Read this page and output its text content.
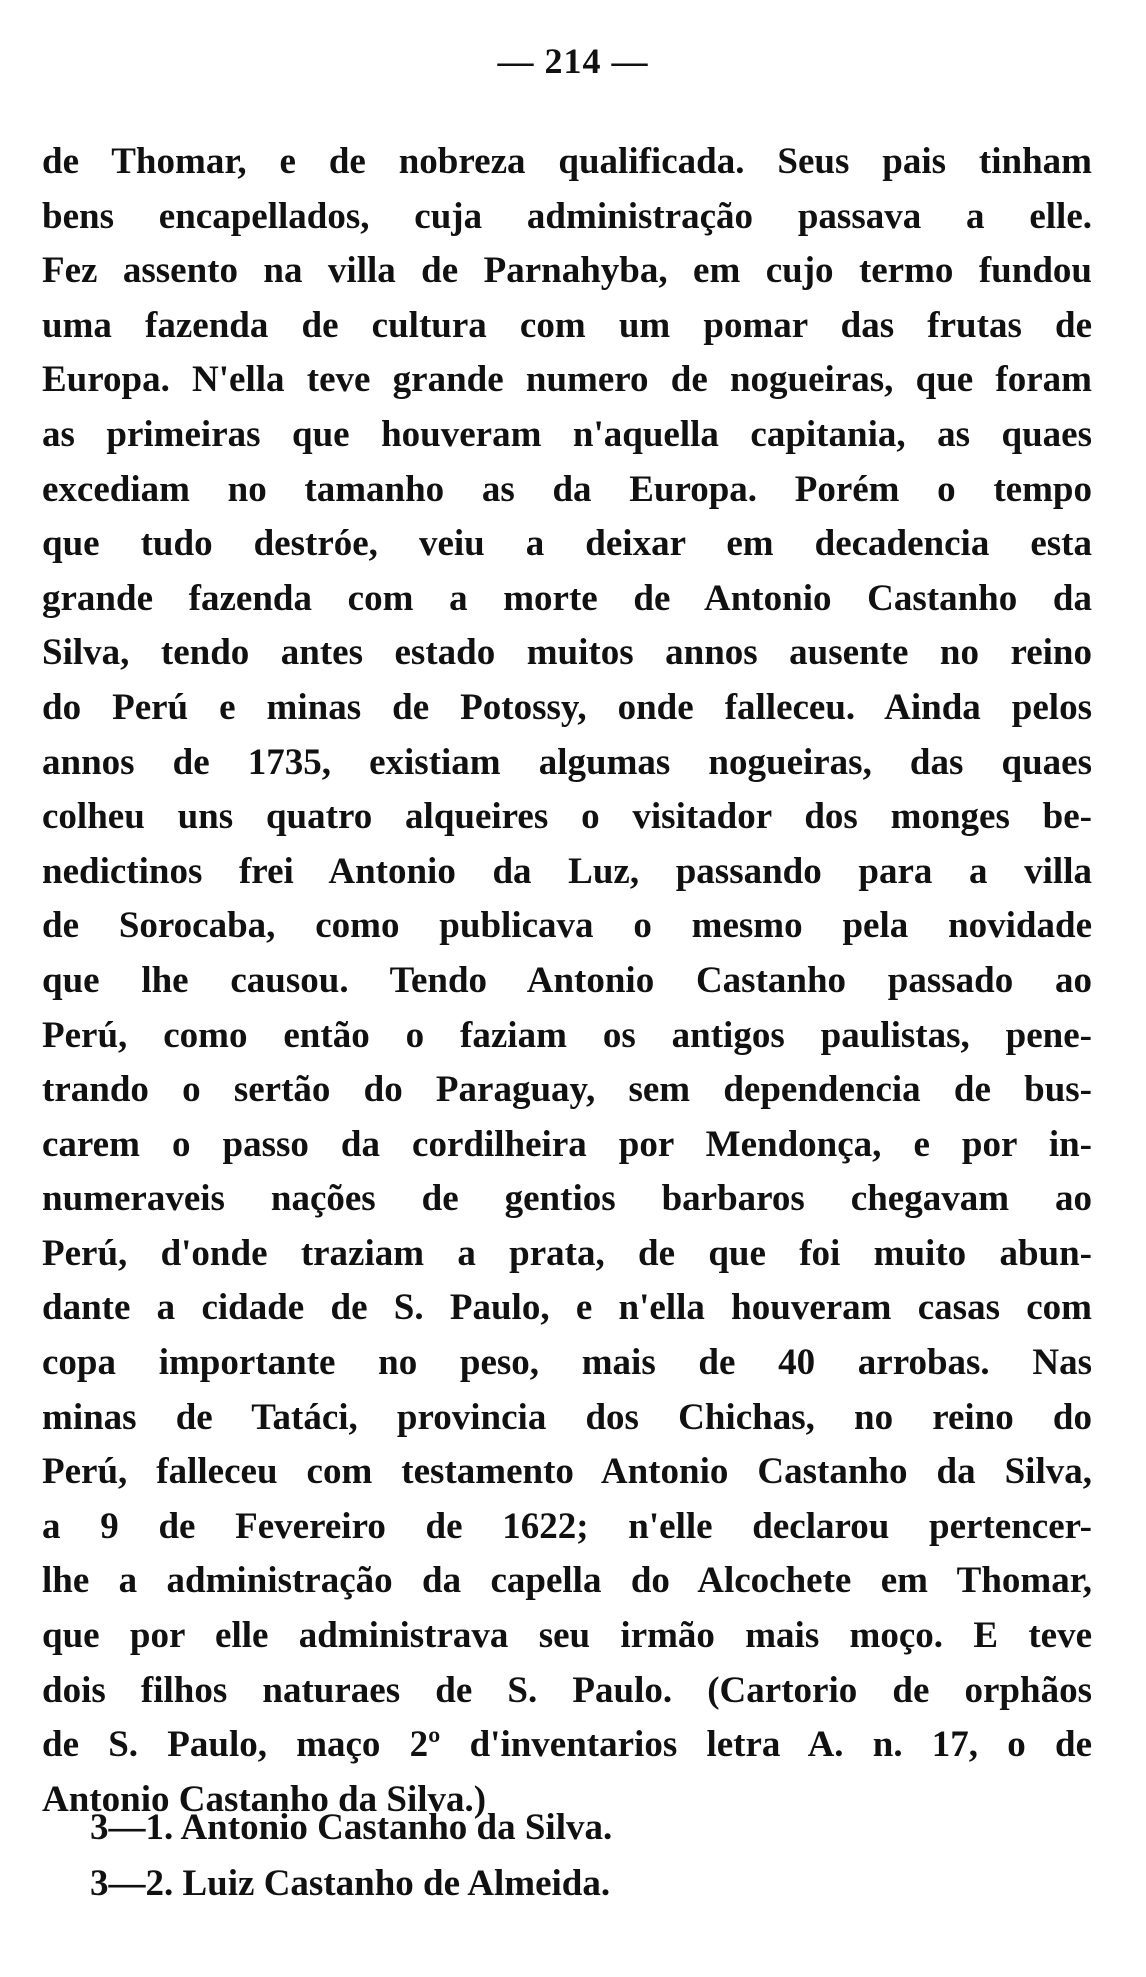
— 214 —
de Thomar, e de nobreza qualificada. Seus pais tinham
bens encapellados, cuja administração passava a elle.
Fez assento na villa de Parnahyba, em cujo termo fundou
uma fazenda de cultura com um pomar das frutas de
Europa. N'ella teve grande numero de nogueiras, que foram
as primeiras que houveram n'aquella capitania, as quaes
excediam no tamanho as da Europa. Porém o tempo
que tudo destróe, veiu a deixar em decadencia esta
grande fazenda com a morte de Antonio Castanho da
Silva, tendo antes estado muitos annos ausente no reino
do Perú e minas de Potossy, onde falleceu. Ainda pelos
annos de 1735, existiam algumas nogueiras, das quaes
colheu uns quatro alqueires o visitador dos monges be-
nedictinos frei Antonio da Luz, passando para a villa
de Sorocaba, como publicava o mesmo pela novidade
que lhe causou. Tendo Antonio Castanho passado ao
Perú, como então o faziam os antigos paulistas, pene-
trando o sertão do Paraguay, sem dependencia de bus-
carem o passo da cordilheira por Mendonça, e por in-
numeraveis nações de gentios barbaros chegavam ao
Perú, d'onde traziam a prata, de que foi muito abun-
dante a cidade de S. Paulo, e n'ella houveram casas com
copa importante no peso, mais de 40 arrobas. Nas
minas de Tatáci, provincia dos Chichas, no reino do
Perú, falleceu com testamento Antonio Castanho da Silva,
a 9 de Fevereiro de 1622; n'elle declarou pertencer-
lhe a administração da capella do Alcochete em Thomar,
que por elle administrava seu irmão mais moço. E teve
dois filhos naturaes de S. Paulo. (Cartorio de orphãos
de S. Paulo, maço 2º d'inventarios letra A. n. 17, o de
Antonio Castanho da Silva.)
3—1. Antonio Castanho da Silva.
3—2. Luiz Castanho de Almeida.
